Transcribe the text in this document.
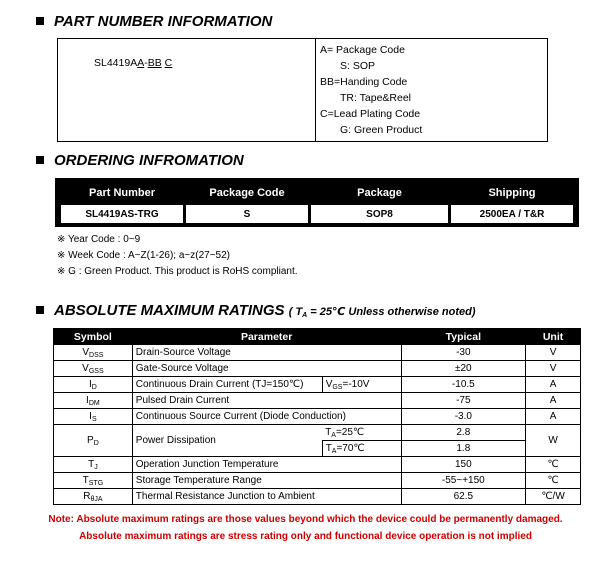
PART NUMBER INFORMATION
SL4419AA-BB C
A= Package Code
S: SOP
BB=Handing Code
TR: Tape&Reel
C=Lead Plating Code
G: Green Product
ORDERING INFROMATION
Part Number	Package Code	Package	Shipping
SL4419AS-TRG	S	SOP8	2500EA / T&R
※ Year Code : 0~9
※ Week Code : A~Z(1-26); a~z(27~52)
※ G : Green Product. This product is RoHS compliant.
ABSOLUTE MAXIMUM RATINGS ( $T_A$ = 25℃ Unless otherwise noted)
Symbol	Parameter		Typical	Unit
$V_{DSS}$	Drain-Source Voltage		-30	V
$V_{GSS}$	Gate-Source Voltage		±20	V
$I_D$	Continuous Drain Current (TJ=150℃)	$V_{GS}=-10V$	-10.5	A
$I_{DM}$	Pulsed Drain Current		-75	A
$I_S$	Continuous Source Current (Diode Conduction)		-3.0	A
$P_D$	Power Dissipation	$T_A=25℃$	2.8	W
		$T_A=70℃$	1.8	
$T_J$	Operation Junction Temperature		150	℃
$T_{STG}$	Storage Temperature Range		-55~+150	℃
$R_{\theta JA}$	Thermal Resistance Junction to Ambient		62.5	℃/W
Note: Absolute maximum ratings are those values beyond which the device could be permanently damaged.
Absolute maximum ratings are stress rating only and functional device operation is not implied
